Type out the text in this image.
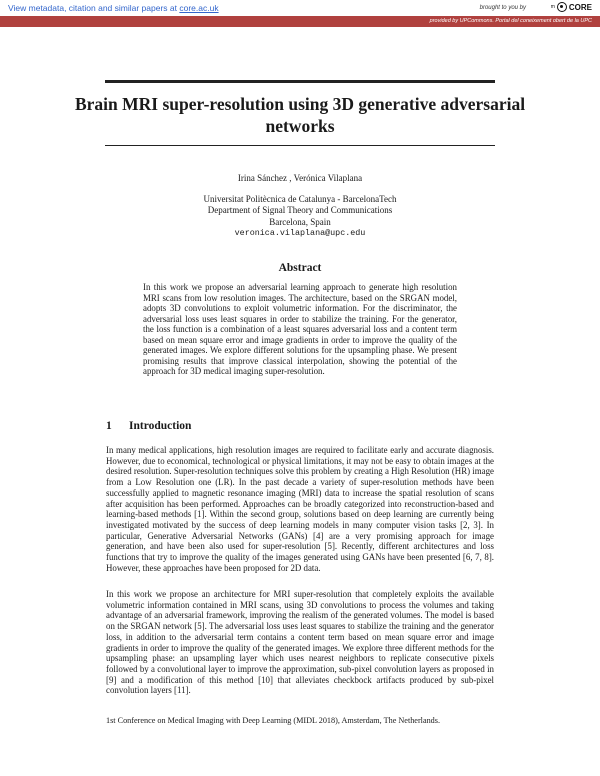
View metadata, citation and similar papers at core.ac.uk	brought to you by	m CORE
provided by UPCommons. Portal del coneixement obert de la UPC
Brain MRI super-resolution using 3D generative adversarial networks
Irina Sánchez , Verónica Vilaplana
Universitat Politècnica de Catalunya - BarcelonaTech
Department of Signal Theory and Communications
Barcelona, Spain
veronica.vilaplana@upc.edu
Abstract
In this work we propose an adversarial learning approach to generate high resolution MRI scans from low resolution images. The architecture, based on the SRGAN model, adopts 3D convolutions to exploit volumetric information. For the discriminator, the adversarial loss uses least squares in order to stabilize the training. For the generator, the loss function is a combination of a least squares adversarial loss and a content term based on mean square error and image gradients in order to improve the quality of the generated images. We explore different solutions for the upsampling phase. We present promising results that improve classical interpolation, showing the potential of the approach for 3D medical imaging super-resolution.
1 Introduction
In many medical applications, high resolution images are required to facilitate early and accurate diagnosis. However, due to economical, technological or physical limitations, it may not be easy to obtain images at the desired resolution. Super-resolution techniques solve this problem by creating a High Resolution (HR) image from a Low Resolution one (LR). In the past decade a variety of super-resolution methods have been successfully applied to magnetic resonance imaging (MRI) data to increase the spatial resolution of scans after acquisition has been performed. Approaches can be broadly categorized into reconstruction-based and learning-based methods [1]. Within the second group, solutions based on deep learning are currently being investigated motivated by the success of deep learning models in many computer vision tasks [2, 3]. In particular, Generative Adversarial Networks (GANs) [4] are a very promising approach for image generation, and have been also used for super-resolution [5]. Recently, different architectures and loss functions that try to improve the quality of the images generated using GANs have been presented [6, 7, 8]. However, these approaches have been proposed for 2D data.
In this work we propose an architecture for MRI super-resolution that completely exploits the available volumetric information contained in MRI scans, using 3D convolutions to process the volumes and taking advantage of an adversarial framework, improving the realism of the generated volumes. The model is based on the SRGAN network [5]. The adversarial loss uses least squares to stabilize the training and the generator loss, in addition to the adversarial term contains a content term based on mean square error and image gradients in order to improve the quality of the generated images. We explore three different methods for the upsampling phase: an upsampling layer which uses nearest neighbors to replicate consecutive pixels followed by a convolutional layer to improve the approximation, sub-pixel convolution layers as proposed in [9] and a modification of this method [10] that alleviates checkbock artifacts produced by sub-pixel convolution layers [11].
1st Conference on Medical Imaging with Deep Learning (MIDL 2018), Amsterdam, The Netherlands.
